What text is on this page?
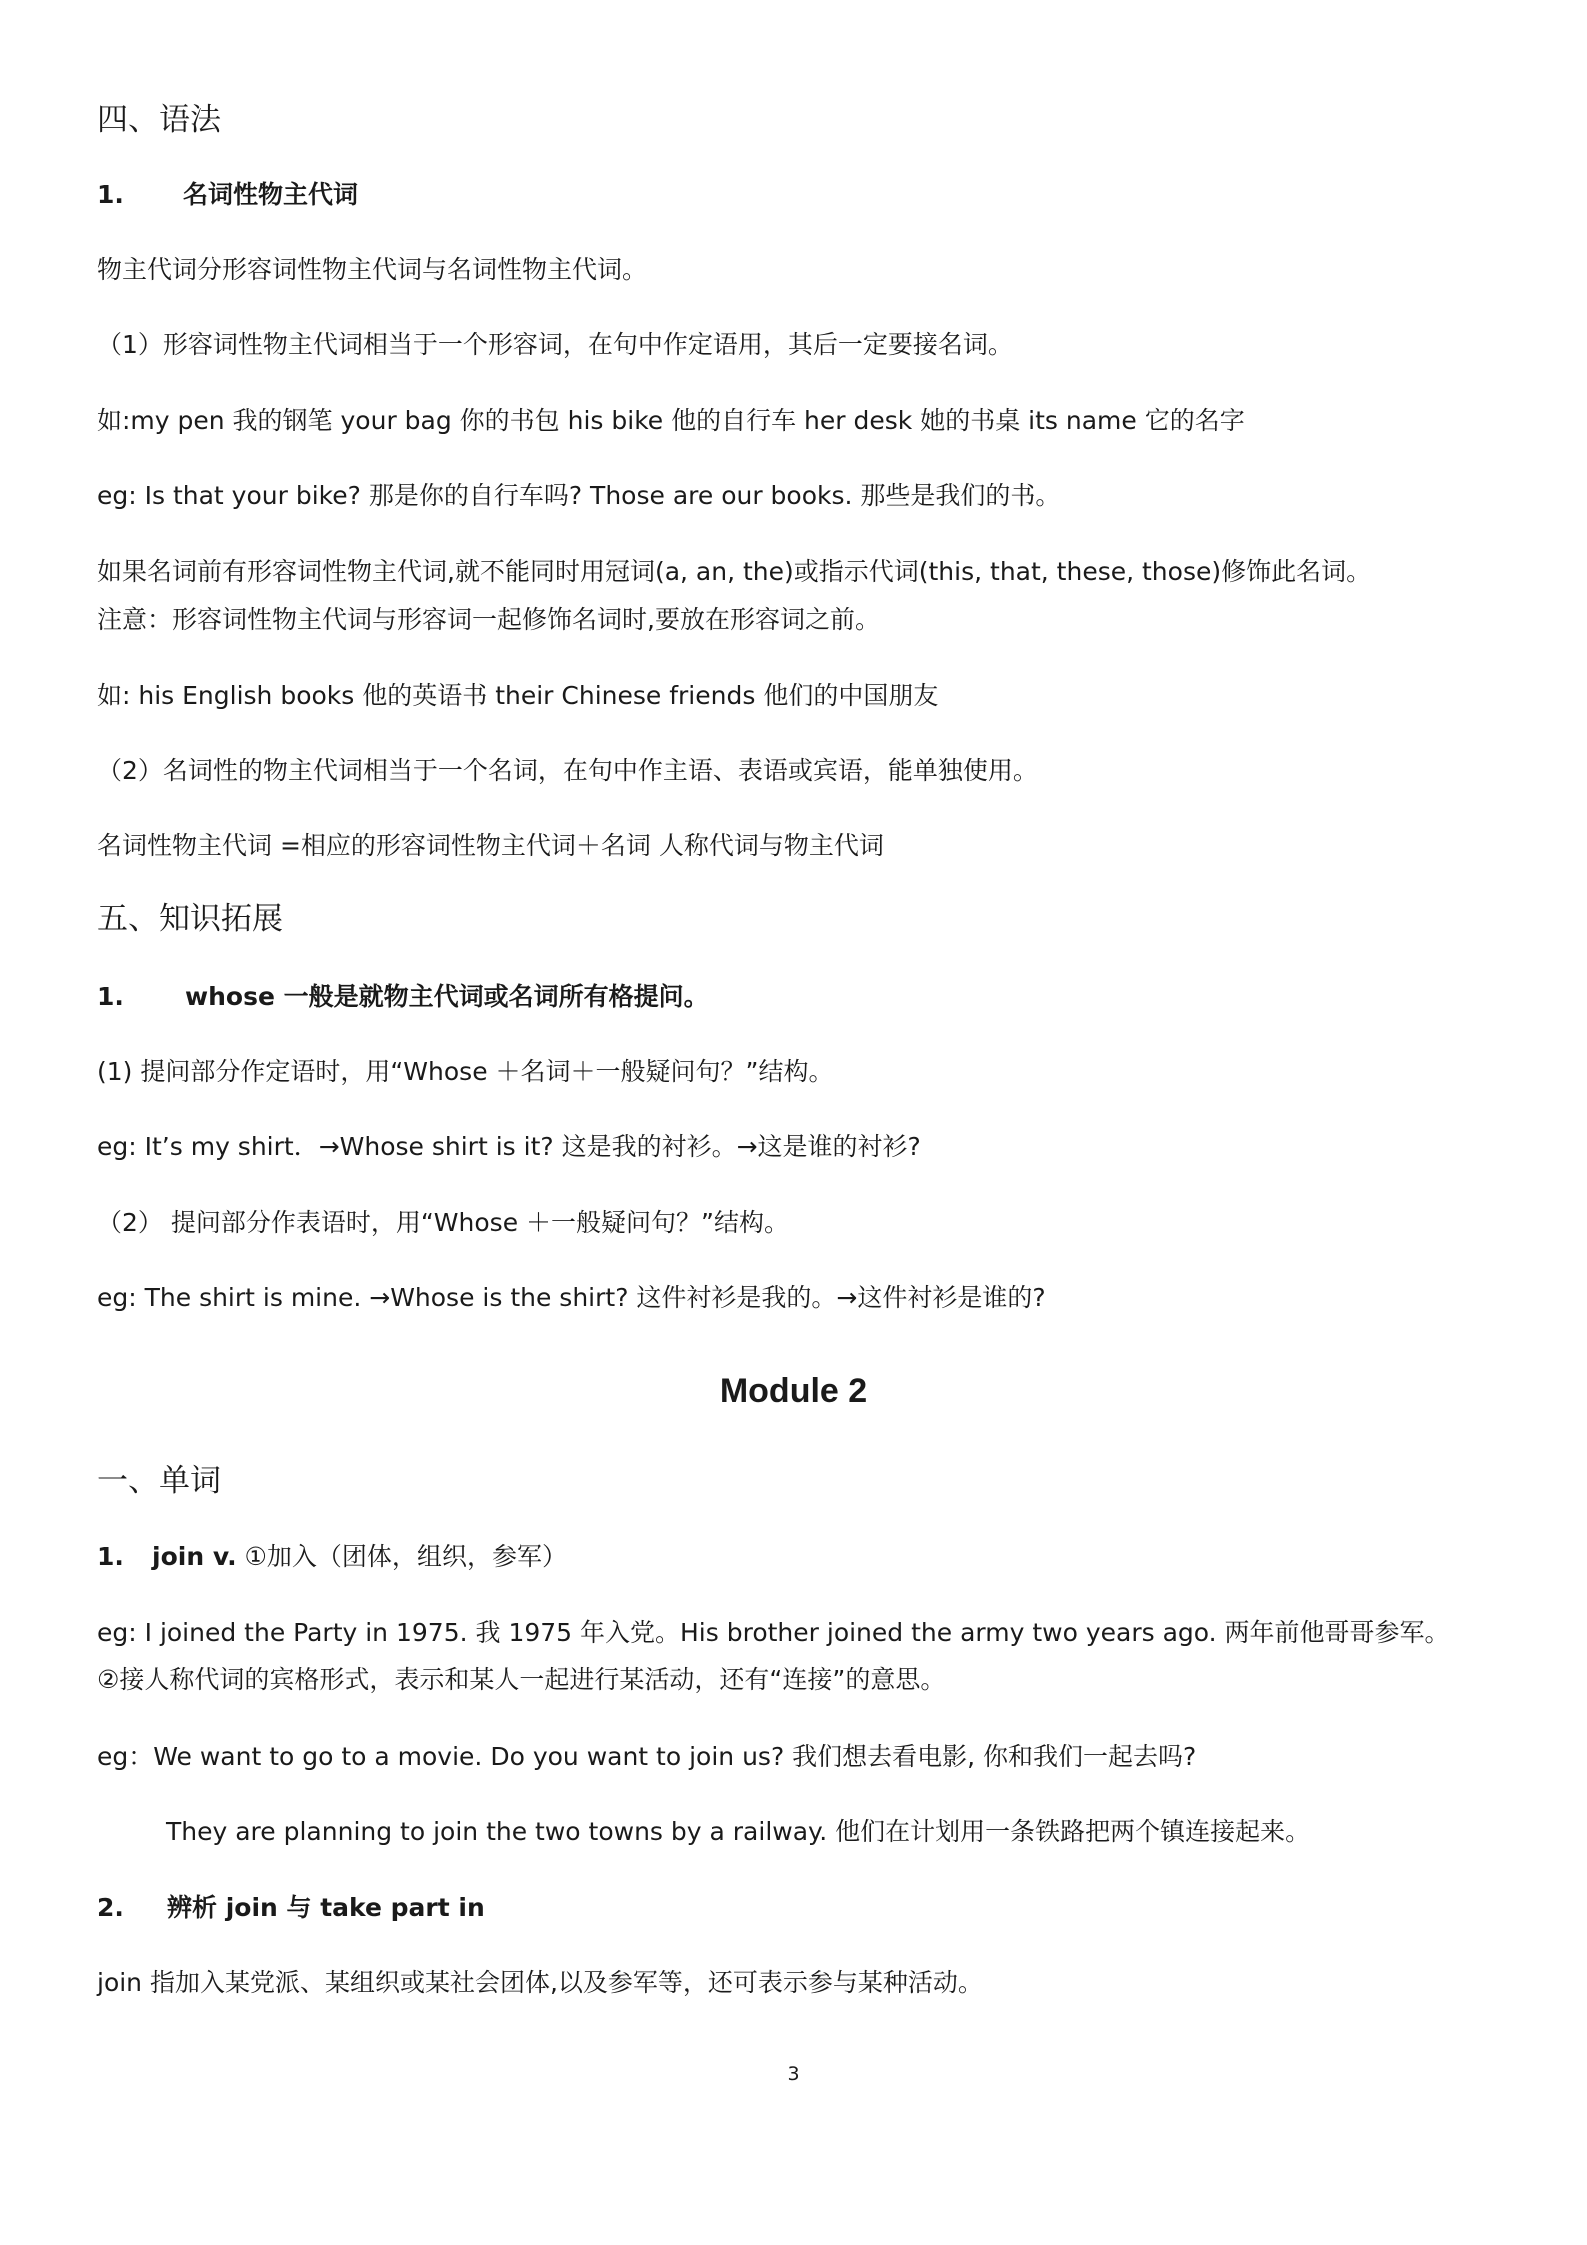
四、语法
1. 名词性物主代词
物主代词分形容词性物主代词与名词性物主代词。
（1）形容词性物主代词相当于一个形容词，在句中作定语用，其后一定要接名词。
如:my pen 我的钢笔 your bag 你的书包 his bike 他的自行车 her desk 她的书桌 its name 它的名字
eg: Is that your bike? 那是你的自行车吗? Those are our books. 那些是我们的书。
如果名词前有形容词性物主代词,就不能同时用冠词(a, an, the)或指示代词(this, that, these, those)修饰此名词。
注意：形容词性物主代词与形容词一起修饰名词时,要放在形容词之前。
如: his English books 他的英语书 their Chinese friends 他们的中国朋友
（2）名词性的物主代词相当于一个名词，在句中作主语、表语或宾语，能单独使用。
名词性物主代词 =相应的形容词性物主代词＋名词 人称代词与物主代词
五、知识拓展
1. whose 一般是就物主代词或名词所有格提问。
(1) 提问部分作定语时，用“Whose ＋名词＋一般疑问句？”结构。
eg: It’s my shirt．→Whose shirt is it? 这是我的衬衫。→这是谁的衬衫?
（2） 提问部分作表语时，用“Whose ＋一般疑问句？”结构。
eg: The shirt is mine. →Whose is the shirt? 这件衬衫是我的。→这件衬衫是谁的?
Module 2
一、单词
1. join v. ①加入（团体，组织，参军）
eg: I joined the Party in 1975. 我 1975 年入党。His brother joined the army two years ago. 两年前他哥哥参军。
②接人称代词的宾格形式，表示和某人一起进行某活动，还有“连接”的意思。
eg：We want to go to a movie. Do you want to join us? 我们想去看电影, 你和我们一起去吗?
They are planning to join the two towns by a railway. 他们在计划用一条铁路把两个镇连接起来。
2. 辨析 join 与 take part in
join 指加入某党派、某组织或某社会团体,以及参军等，还可表示参与某种活动。
3
